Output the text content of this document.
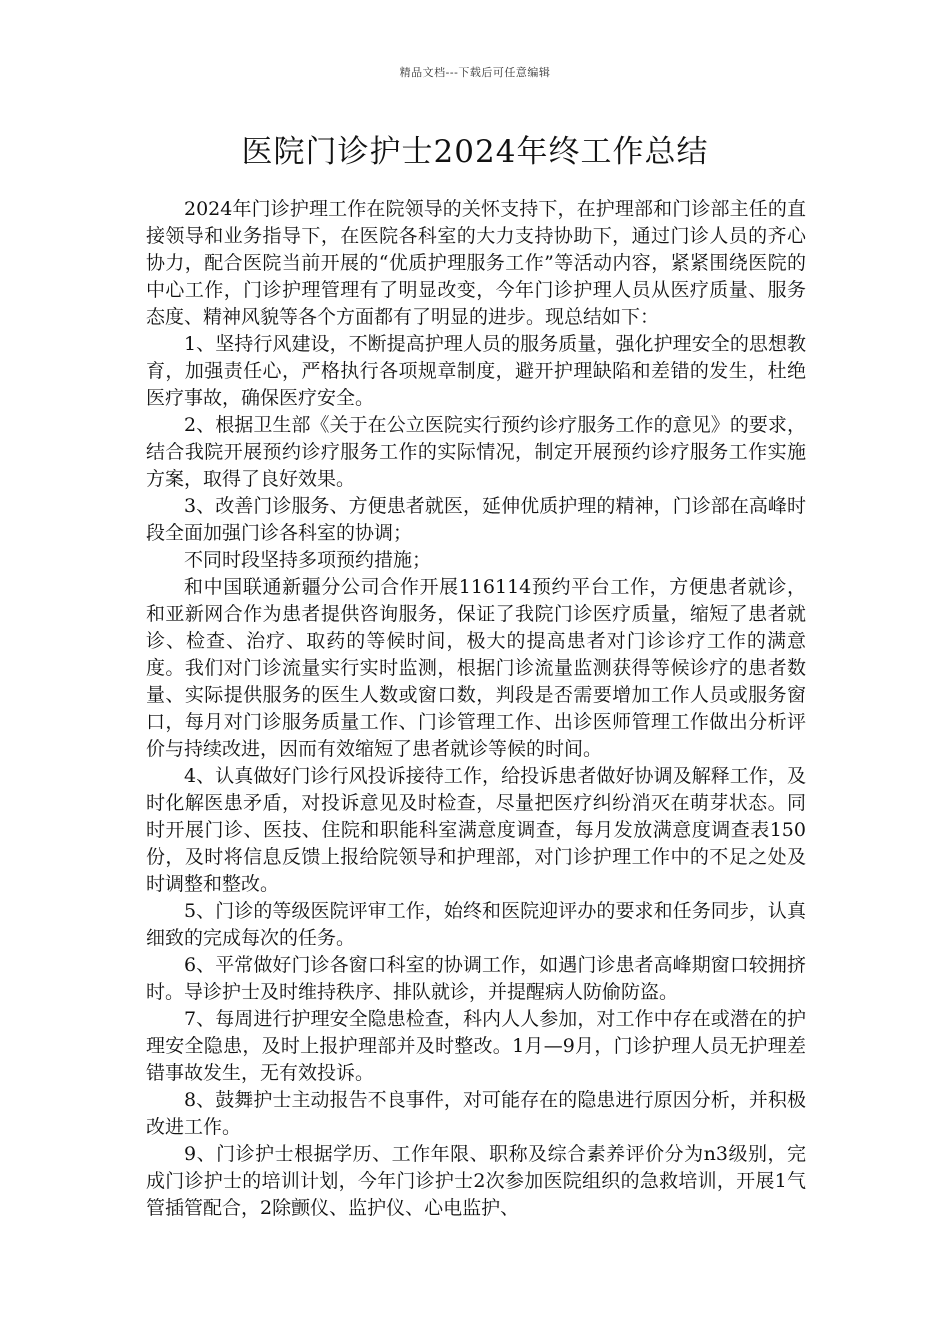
精品文档---下载后可任意编辑
医院门诊护士2024年终工作总结

2024年门诊护理工作在院领导的关怀支持下，在护理部和门诊部主任的直接领导和业务指导下，在医院各科室的大力支持协助下，通过门诊人员的齐心协力，配合医院当前开展的“优质护理服务工作”等活动内容，紧紧围绕医院的中心工作，门诊护理管理有了明显改变，今年门诊护理人员从医疗质量、服务态度、精神风貌等各个方面都有了明显的进步。现总结如下：

1、坚持行风建设，不断提高护理人员的服务质量，强化护理安全的思想教育，加强责任心，严格执行各项规章制度，避开护理缺陷和差错的发生，杜绝医疗事故，确保医疗安全。

2、根据卫生部《关于在公立医院实行预约诊疗服务工作的意见》的要求，结合我院开展预约诊疗服务工作的实际情况，制定开展预约诊疗服务工作实施方案，取得了良好效果。

3、改善门诊服务、方便患者就医，延伸优质护理的精神，门诊部在高峰时段全面加强门诊各科室的协调；

不同时段坚持多项预约措施；

和中国联通新疆分公司合作开展116114预约平台工作，方便患者就诊，和亚新网合作为患者提供咨询服务，保证了我院门诊医疗质量，缩短了患者就诊、检查、治疗、取药的等候时间，极大的提高患者对门诊诊疗工作的满意度。我们对门诊流量实行实时监测，根据门诊流量监测获得等候诊疗的患者数量、实际提供服务的医生人数或窗口数，判段是否需要增加工作人员或服务窗口，每月对门诊服务质量工作、门诊管理工作、出诊医师管理工作做出分析评价与持续改进，因而有效缩短了患者就诊等候的时间。

4、认真做好门诊行风投诉接待工作，给投诉患者做好协调及解释工作，及时化解医患矛盾，对投诉意见及时检查，尽量把医疗纠纷消灭在萌芽状态。同时开展门诊、医技、住院和职能科室满意度调查，每月发放满意度调查表150份，及时将信息反馈上报给院领导和护理部，对门诊护理工作中的不足之处及时调整和整改。

5、门诊的等级医院评审工作，始终和医院迎评办的要求和任务同步，认真细致的完成每次的任务。

6、平常做好门诊各窗口科室的协调工作，如遇门诊患者高峰期窗口较拥挤时。导诊护士及时维持秩序、排队就诊，并提醒病人防偷防盗。

7、每周进行护理安全隐患检查，科内人人参加，对工作中存在或潜在的护理安全隐患，及时上报护理部并及时整改。1月—9月，门诊护理人员无护理差错事故发生，无有效投诉。

8、鼓舞护士主动报告不良事件，对可能存在的隐患进行原因分析，并积极改进工作。

9、门诊护士根据学历、工作年限、职称及综合素养评价分为n3级别，完成门诊护士的培训计划，今年门诊护士2次参加医院组织的急救培训，开展1气管插管配合，2除颤仪、监护仪、心电监护、
